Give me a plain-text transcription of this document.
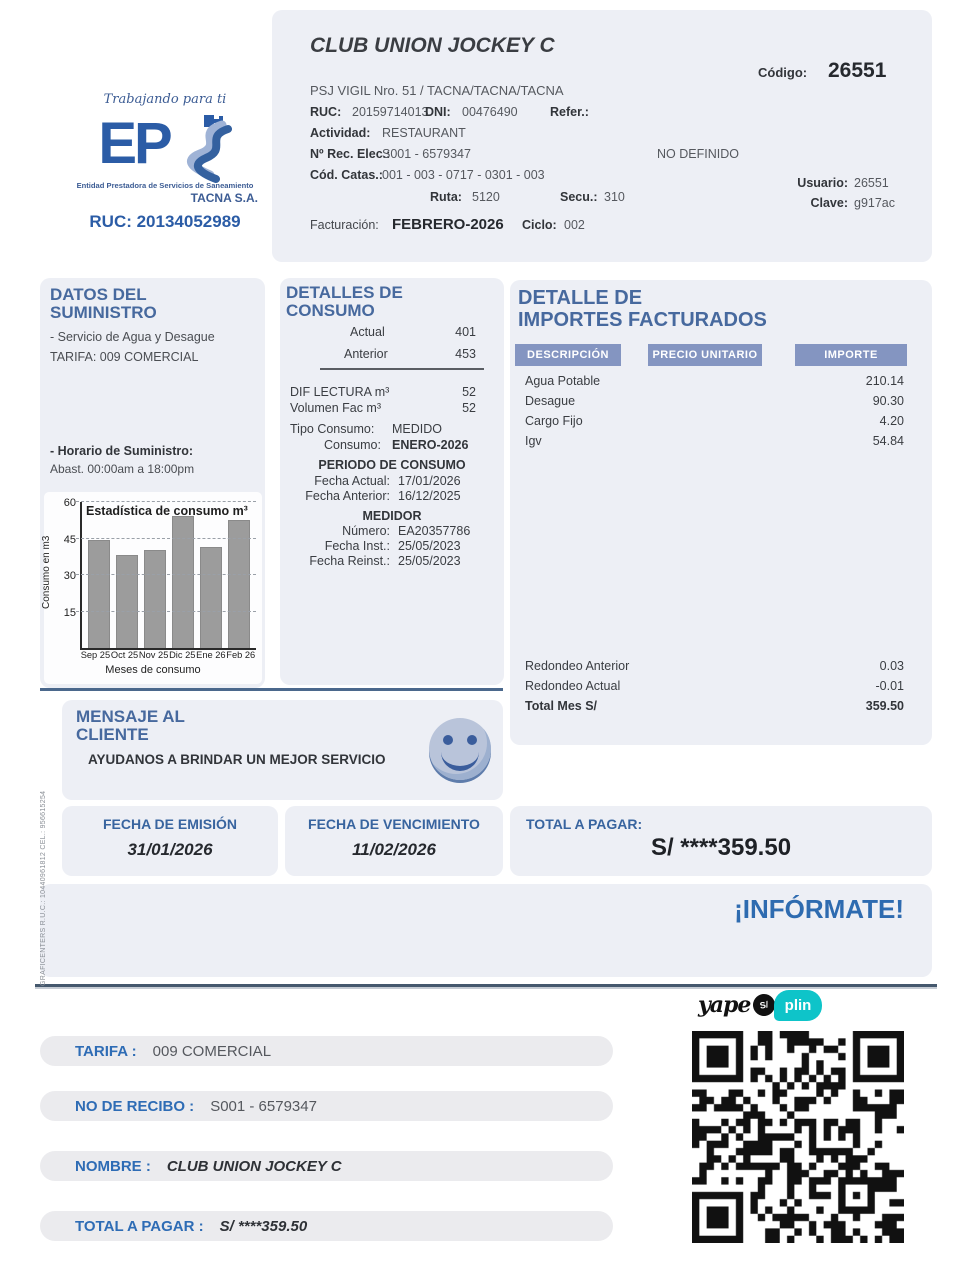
Trabajando para ti
EP
Entidad Prestadora de Servicios de Saneamiento
TACNA S.A.
RUC: 20134052989
CLUB UNION JOCKEY C
Código: 26551
PSJ VIGIL Nro. 51 / TACNA/TACNA/TACNA
RUC: 20159714013
DNI: 00476490	Refer.:
Actividad: RESTAURANT
Nº Rec. Elec.:
S001 - 6579347	NO DEFINIDO
Cód. Catas.: 001 - 003 - 0717 - 0301 - 003
Ruta: 5120	Secu.: 310
Usuario: 26551
Clave: g917ac
Facturación: FEBRERO-2026 Ciclo: 002
DATOS DEL
SUMINISTRO
- Servicio de Agua y Desague
TARIFA: 009 COMERCIAL
- Horario de Suministro:
Abast. 00:00am a 18:00pm
Consumo en m3
Estadística de consumo m³
15
30
45
60
Sep 25 Oct 25 Nov 25 Dic 25 Ene 26 Feb 26
Meses de consumo
DETALLES DE
CONSUMO
Actual	401
Anterior	453
DIF LECTURA m³	52
Volumen Fac m³	52
Tipo Consumo: MEDIDO
Consumo: ENERO-2026
PERIODO DE CONSUMO
Fecha Actual: 17/01/2026
Fecha Anterior: 16/12/2025
MEDIDOR
Número: EA20357786
Fecha Inst.: 25/05/2023
Fecha Reinst.: 25/05/2023
DETALLE DE
IMPORTES FACTURADOS
DESCRIPCIÓN	PRECIO UNITARIO	IMPORTE
Agua Potable	210.14
Desague	90.30
Cargo Fijo	4.20
Igv	54.84
Redondeo Anterior	0.03
Redondeo Actual	-0.01
Total Mes S/	359.50
MENSAJE AL
CLIENTE
AYUDANOS A BRINDAR UN MEJOR SERVICIO
FECHA DE EMISIÓN
31/01/2026
FECHA DE VENCIMIENTO
11/02/2026
TOTAL A PAGAR:
S/ ****359.50
¡INFÓRMATE!
GRAFICENTERS R.U.C.: 10440961812 CEL.: 956615254
yape S/	plin
TARIFA : 009 COMERCIAL
NO DE RECIBO : S001 - 6579347
NOMBRE : CLUB UNION JOCKEY C
TOTAL A PAGAR : S/ ****359.50
